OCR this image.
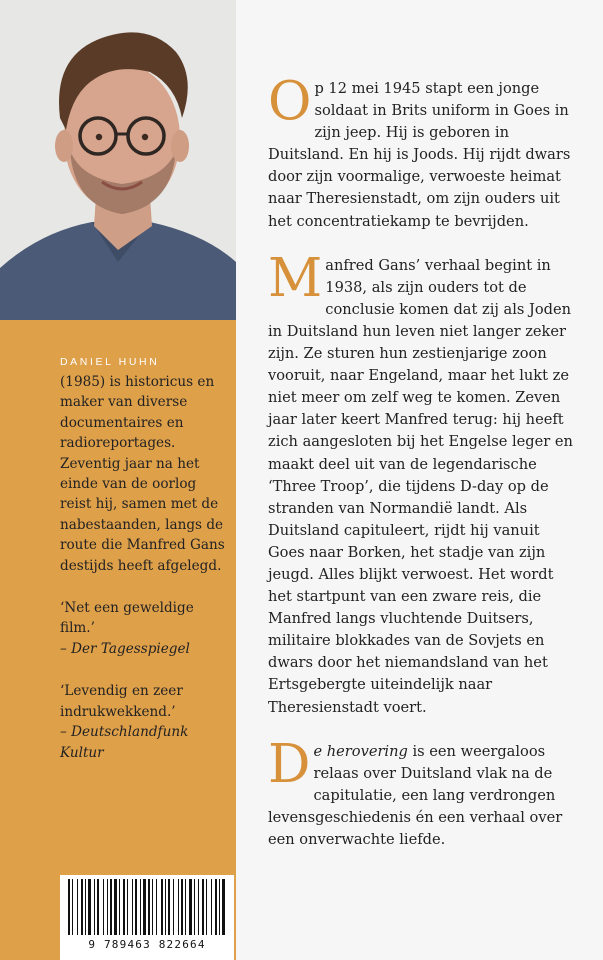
DANIEL HUHN
(1985) is historicus en maker van diverse documentaires en radioreportages. Zeventig jaar na het einde van de oorlog reist hij, samen met de nabestaanden, langs de route die Manfred Gans destijds heeft afgelegd.
‘Net een geweldige film.’
– Der Tagesspiegel
‘Levendig en zeer indrukwekkend.’
– Deutschlandfunk Kultur
9 789463 822664

Op 12 mei 1945 stapt een jonge soldaat in Brits uniform in Goes in zijn jeep. Hij is geboren in Duitsland. En hij is Joods. Hij rijdt dwars door zijn voormalige, verwoeste heimat naar Theresienstadt, om zijn ouders uit het concentratiekamp te bevrijden.

Manfred Gans’ verhaal begint in 1938, als zijn ouders tot de conclusie komen dat zij als Joden in Duitsland hun leven niet langer zeker zijn. Ze sturen hun zestienjarige zoon vooruit, naar Engeland, maar het lukt ze niet meer om zelf weg te komen. Zeven jaar later keert Manfred terug: hij heeft zich aangesloten bij het Engelse leger en maakt deel uit van de legendarische ‘Three Troop’, die tijdens D-day op de stranden van Normandië landt. Als Duitsland capituleert, rijdt hij vanuit Goes naar Borken, het stadje van zijn jeugd. Alles blijkt verwoest. Het wordt het startpunt van een zware reis, die Manfred langs vluchtende Duitsers, militaire blokkades van de Sovjets en dwars door het niemandsland van het Ertsgebergte uiteindelijk naar Theresienstadt voert.

De herovering is een weergaloos relaas over Duitsland vlak na de capitulatie, een lang verdrongen levensgeschiedenis én een verhaal over een onverwachte liefde.
